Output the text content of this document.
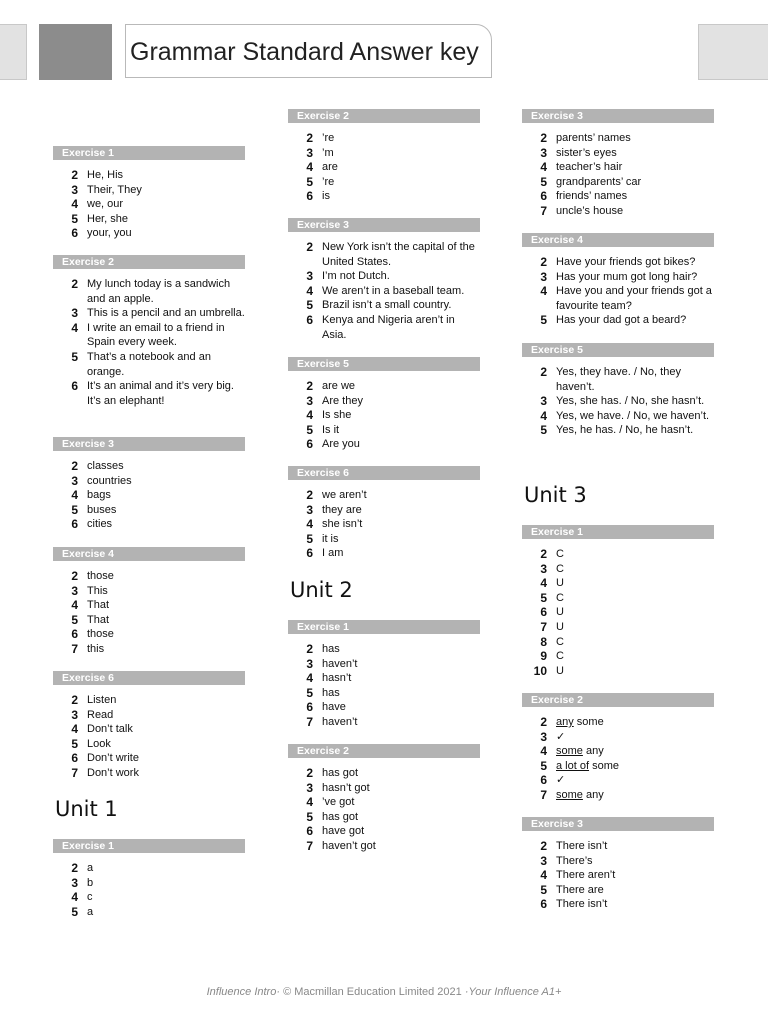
Grammar Standard Answer key
Exercise 1
2 He, His
3 Their, They
4 we, our
5 Her, she
6 your, you
Exercise 2
2 My lunch today is a sandwich and an apple.
3 This is a pencil and an umbrella.
4 I write an email to a friend in Spain every week.
5 That’s a notebook and an orange.
6 It’s an animal and it’s very big. It’s an elephant!
Exercise 3
2 classes
3 countries
4 bags
5 buses
6 cities
Exercise 4
2 those
3 This
4 That
5 That
6 those
7 this
Exercise 6
2 Listen
3 Read
4 Don’t talk
5 Look
6 Don’t write
7 Don’t work
Unit 1
Exercise 1
2 a
3 b
4 c
5 a
Exercise 2
2 ’re
3 ’m
4 are
5 ’re
6 is
Exercise 3
2 New York isn’t the capital of the United States.
3 I’m not Dutch.
4 We aren’t in a baseball team.
5 Brazil isn’t a small country.
6 Kenya and Nigeria aren’t in Asia.
Exercise 5
2 are we
3 Are they
4 Is she
5 Is it
6 Are you
Exercise 6
2 we aren’t
3 they are
4 she isn’t
5 it is
6 I am
Unit 2
Exercise 1
2 has
3 haven’t
4 hasn’t
5 has
6 have
7 haven’t
Exercise 2
2 has got
3 hasn’t got
4 ’ve got
5 has got
6 have got
7 haven’t got
Exercise 3
2 parents’ names
3 sister’s eyes
4 teacher’s hair
5 grandparents’ car
6 friends’ names
7 uncle’s house
Exercise 4
2 Have your friends got bikes?
3 Has your mum got long hair?
4 Have you and your friends got a favourite team?
5 Has your dad got a beard?
Exercise 5
2 Yes, they have. / No, they haven’t.
3 Yes, she has. / No, she hasn’t.
4 Yes, we have. / No, we haven’t.
5 Yes, he has. / No, he hasn’t.
Unit 3
Exercise 1
2 C
3 C
4 U
5 C
6 U
7 U
8 C
9 C
10 U
Exercise 2
2 any some
3 ✓
4 some any
5 a lot of some
6 ✓
7 some any
Exercise 3
2 There isn’t
3 There’s
4 There aren’t
5 There are
6 There isn’t
Influence Intro· © Macmillan Education Limited 2021 ·Your Influence A1+
